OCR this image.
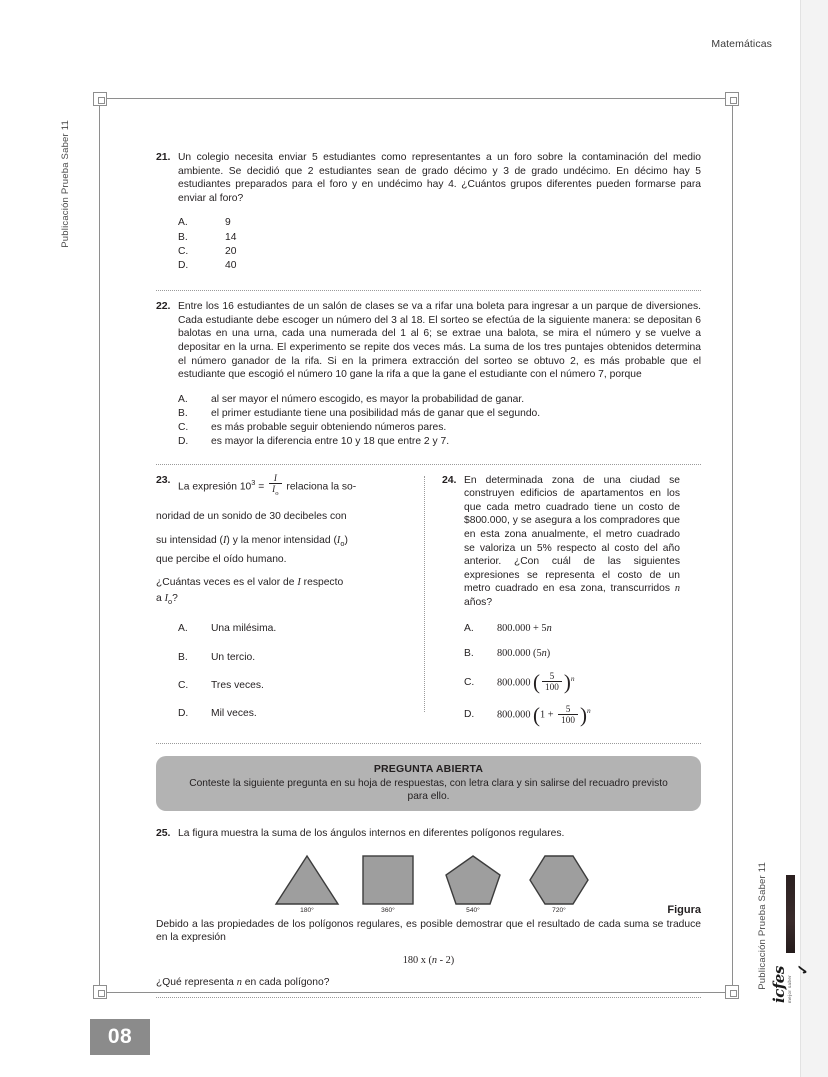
Matemáticas
Publicación Prueba Saber 11
Publicación Prueba Saber 11 icfes mejor saber
✓
21. Un colegio necesita enviar 5 estudiantes como representantes a un foro sobre la contaminación del medio ambiente. Se decidió que 2 estudiantes sean de grado décimo y 3 de grado undécimo. En décimo hay 5 estudiantes preparados para el foro y en undécimo hay 4. ¿Cuántos grupos diferentes pueden formarse para enviar al foro?
A.	9
B.	14
C.	20
D.	40
22. Entre los 16 estudiantes de un salón de clases se va a rifar una boleta para ingresar a un parque de diversiones. Cada estudiante debe escoger un número del 3 al 18. El sorteo se efectúa de la siguiente manera: se depositan 6 balotas en una urna, cada una numerada del 1 al 6; se extrae una balota, se mira el número y se vuelve a depositar en la urna. El experimento se repite dos veces más. La suma de los tres puntajes obtenidos determina el número ganador de la rifa. Si en la primera extracción del sorteo se obtuvo 2, es más probable que el estudiante que escogió el número 10 gane la rifa a que la gane el estudiante con el número 7, porque
A.	al ser mayor el número escogido, es mayor la probabilidad de ganar.
B.	el primer estudiante tiene una posibilidad más de ganar que el segundo.
C.	es más probable seguir obteniendo números pares.
D.	es mayor la diferencia entre 10 y 18 que entre 2 y 7.
23.
La expresión $10^3 = \frac{I}{I_o}$ relaciona la so-
noridad de un sonido de 30 decibeles con
su intensidad (I) y la menor intensidad $(I_o)$
que percibe el oído humano.
¿Cuántas veces es el valor de I respecto
a $I_o$?
A.	Una milésima.
B.	Un tercio.
C.	Tres veces.
D.	Mil veces.
24. En determinada zona de una ciudad se construyen edificios de apartamentos en los que cada metro cuadrado tiene un costo de $800.000, y se asegura a los compradores que en esta zona anualmente, el metro cuadrado se valoriza un 5% respecto al costo del año anterior. ¿Con cuál de las siguientes expresiones se representa el costo de un metro cuadrado en esa zona, transcurridos n años?
A.	800.000 + 5n
B.	800.000 (5n)
C.	800.000 ( $\frac{5}{100} )^n$
D.	800.000 $(1 + \frac{5}{100} )^n$
PREGUNTA ABIERTA
Conteste la siguiente pregunta en su hoja de respuestas, con letra clara y sin salirse del recuadro previsto para ello.
25. La figura muestra la suma de los ángulos internos en diferentes polígonos regulares.
180°	360°	540°	720°	Figura
Debido a las propiedades de los polígonos regulares, es posible demostrar que el resultado de cada suma se traduce en la expresión
180 x (n - 2)
¿Qué representa n en cada polígono?
08
